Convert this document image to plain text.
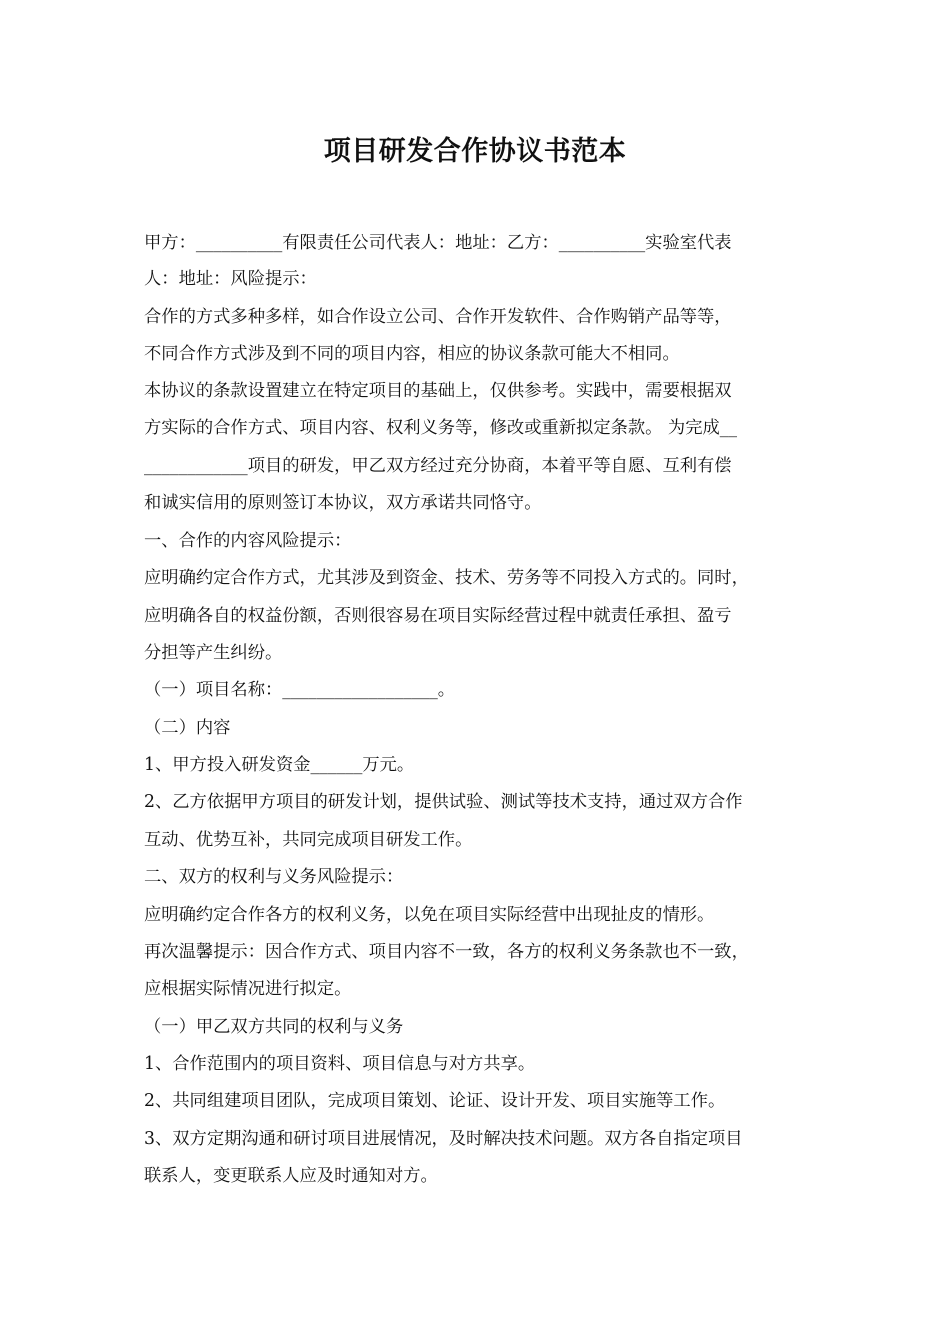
项目研发合作协议书范本
甲方：__________有限责任公司代表人：地址：乙方：__________实验室代表
人：地址：风险提示：
合作的方式多种多样，如合作设立公司、合作开发软件、合作购销产品等等，
不同合作方式涉及到不同的项目内容，相应的协议条款可能大不相同。
本协议的条款设置建立在特定项目的基础上，仅供参考。实践中，需要根据双
方实际的合作方式、项目内容、权利义务等，修改或重新拟定条款。 为完成__
____________项目的研发，甲乙双方经过充分协商，本着平等自愿、互利有偿
和诚实信用的原则签订本协议，双方承诺共同恪守。
一、合作的内容风险提示：
应明确约定合作方式，尤其涉及到资金、技术、劳务等不同投入方式的。同时，
应明确各自的权益份额，否则很容易在项目实际经营过程中就责任承担、盈亏
分担等产生纠纷。
（一）项目名称：__________________。
（二）内容
1、甲方投入研发资金______万元。
2、乙方依据甲方项目的研发计划，提供试验、测试等技术支持，通过双方合作
互动、优势互补，共同完成项目研发工作。
二、双方的权利与义务风险提示：
应明确约定合作各方的权利义务，以免在项目实际经营中出现扯皮的情形。
再次温馨提示：因合作方式、项目内容不一致，各方的权利义务条款也不一致，
应根据实际情况进行拟定。
（一）甲乙双方共同的权利与义务
1、合作范围内的项目资料、项目信息与对方共享。
2、共同组建项目团队，完成项目策划、论证、设计开发、项目实施等工作。
3、双方定期沟通和研讨项目进展情况，及时解决技术问题。双方各自指定项目
联系人，变更联系人应及时通知对方。
